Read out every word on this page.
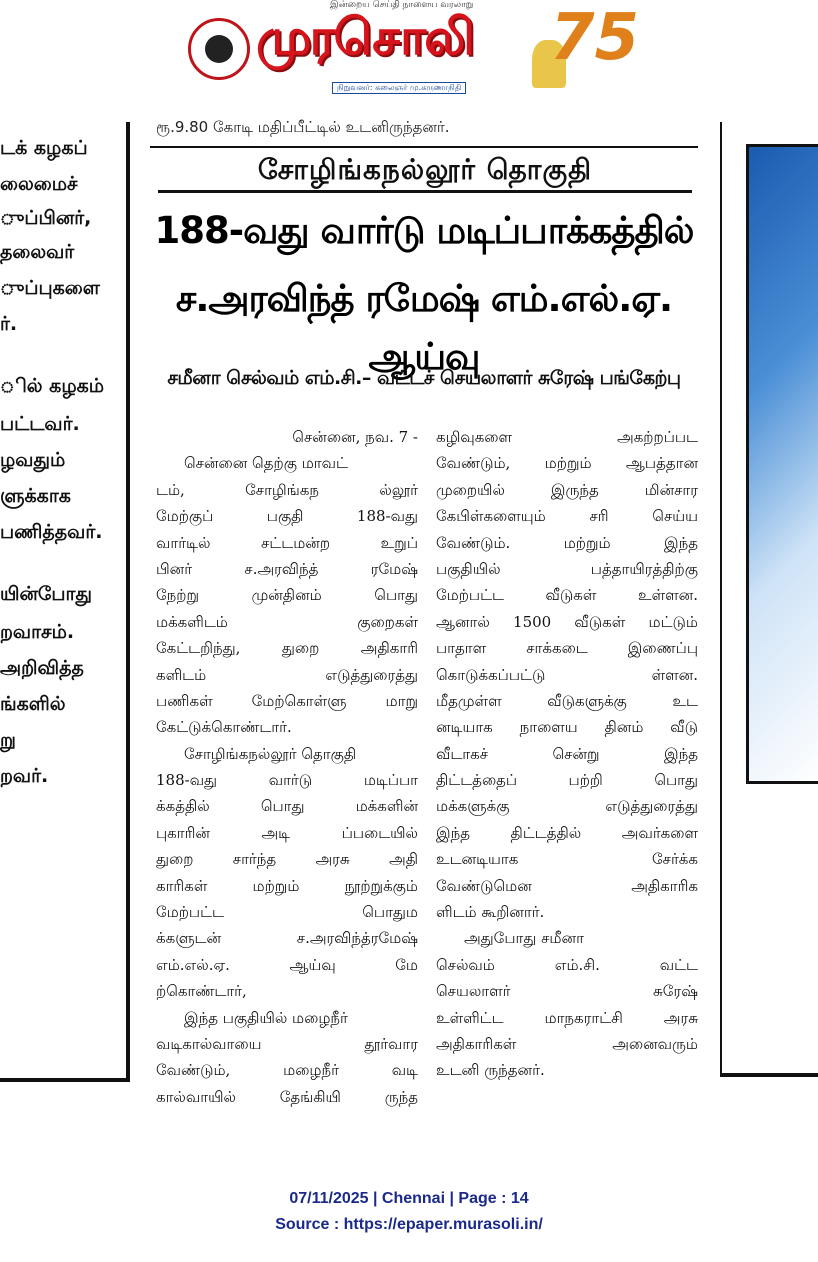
இன்றைய செய்தி நாளைய வரலாறு
முரசொலி
நிறுவனர்: கலைஞர் மு.கருணாநிதி
75
டக் கழகப்
லைமைச்
ுப்பினர்,
தலைவர்
ுப்புகளை
ர்.
ில் கழகம்
பட்டவர்.
ழவதும்
ளுக்காக
பணித்தவர்.
யின்போது
றவாசம்.
அறிவித்த
ங்களில்
று
றவர்.
ரூ.9.80 கோடி மதிப்பீட்டில் உடனிருந்தனர்.
சோழிங்கநல்லூர் தொகுதி
188-வது வார்டு மடிப்பாக்கத்தில்
ச.அரவிந்த் ரமேஷ் எம்.எல்.ஏ. ஆய்வு
சமீனா செல்வம் எம்.சி.– வட்டச் செயலாளர் சுரேஷ் பங்கேற்பு
சென்னை, நவ. 7 -
சென்னை தெற்கு மாவட்
டம், சோழிங்கந ல்லூர்
மேற்குப் பகுதி 188-வது
வார்டில் சட்டமன்ற உறுப்
பினர் ச.அரவிந்த் ரமேஷ்
நேற்று முன்தினம் பொது
மக்களிடம் குறைகள்
கேட்டறிந்து, துறை அதிகாரி
களிடம் எடுத்துரைத்து
பணிகள் மேற்கொள்ளு மாறு
கேட்டுக்கொண்டார்.
சோழிங்கநல்லூர் தொகுதி
188-வது வார்டு மடிப்பா
க்கத்தில் பொது மக்களின்
புகாரின் அடி ப்படையில்
துறை சார்ந்த அரசு அதி
காரிகள் மற்றும் நூற்றுக்கும்
மேற்பட்ட பொதும
க்களுடன் ச.அரவிந்த்ரமேஷ்
எம்.எல்.ஏ. ஆய்வு மே
ற்கொண்டார்,
இந்த பகுதியில் மழைநீர்
வடிகால்வாயை தூர்வார
வேண்டும், மழைநீர் வடி
கால்வாயில் தேங்கியி ருந்த
கழிவுகளை அகற்றப்பட
வேண்டும், மற்றும் ஆபத்தான
முறையில் இருந்த மின்சார
கேபிள்களையும் சரி செய்ய
வேண்டும். மற்றும் இந்த
பகுதியில் பத்தாயிரத்திற்கு
மேற்பட்ட வீடுகள் உள்ளன.
ஆனால் 1500 வீடுகள் மட்டும்
பாதாள சாக்கடை இணைப்பு
கொடுக்கப்பட்டு ள்ளன.
மீதமுள்ள வீடுகளுக்கு உட
னடியாக நாளைய தினம் வீடு
வீடாகச் சென்று இந்த
திட்டத்தைப் பற்றி பொது
மக்களுக்கு எடுத்துரைத்து
இந்த திட்டத்தில் அவர்களை
உடனடியாக சேர்க்க
வேண்டுமென அதிகாரிக
ளிடம் கூறினார்.
அதுபோது சமீனா
செல்வம் எம்.சி. வட்ட
செயலாளர் சுரேஷ்
உள்ளிட்ட மாநகராட்சி அரசு
அதிகாரிகள் அனைவரும்
உடனி ருந்தனர்.
07/11/2025 | Chennai | Page : 14
Source : https://epaper.murasoli.in/
